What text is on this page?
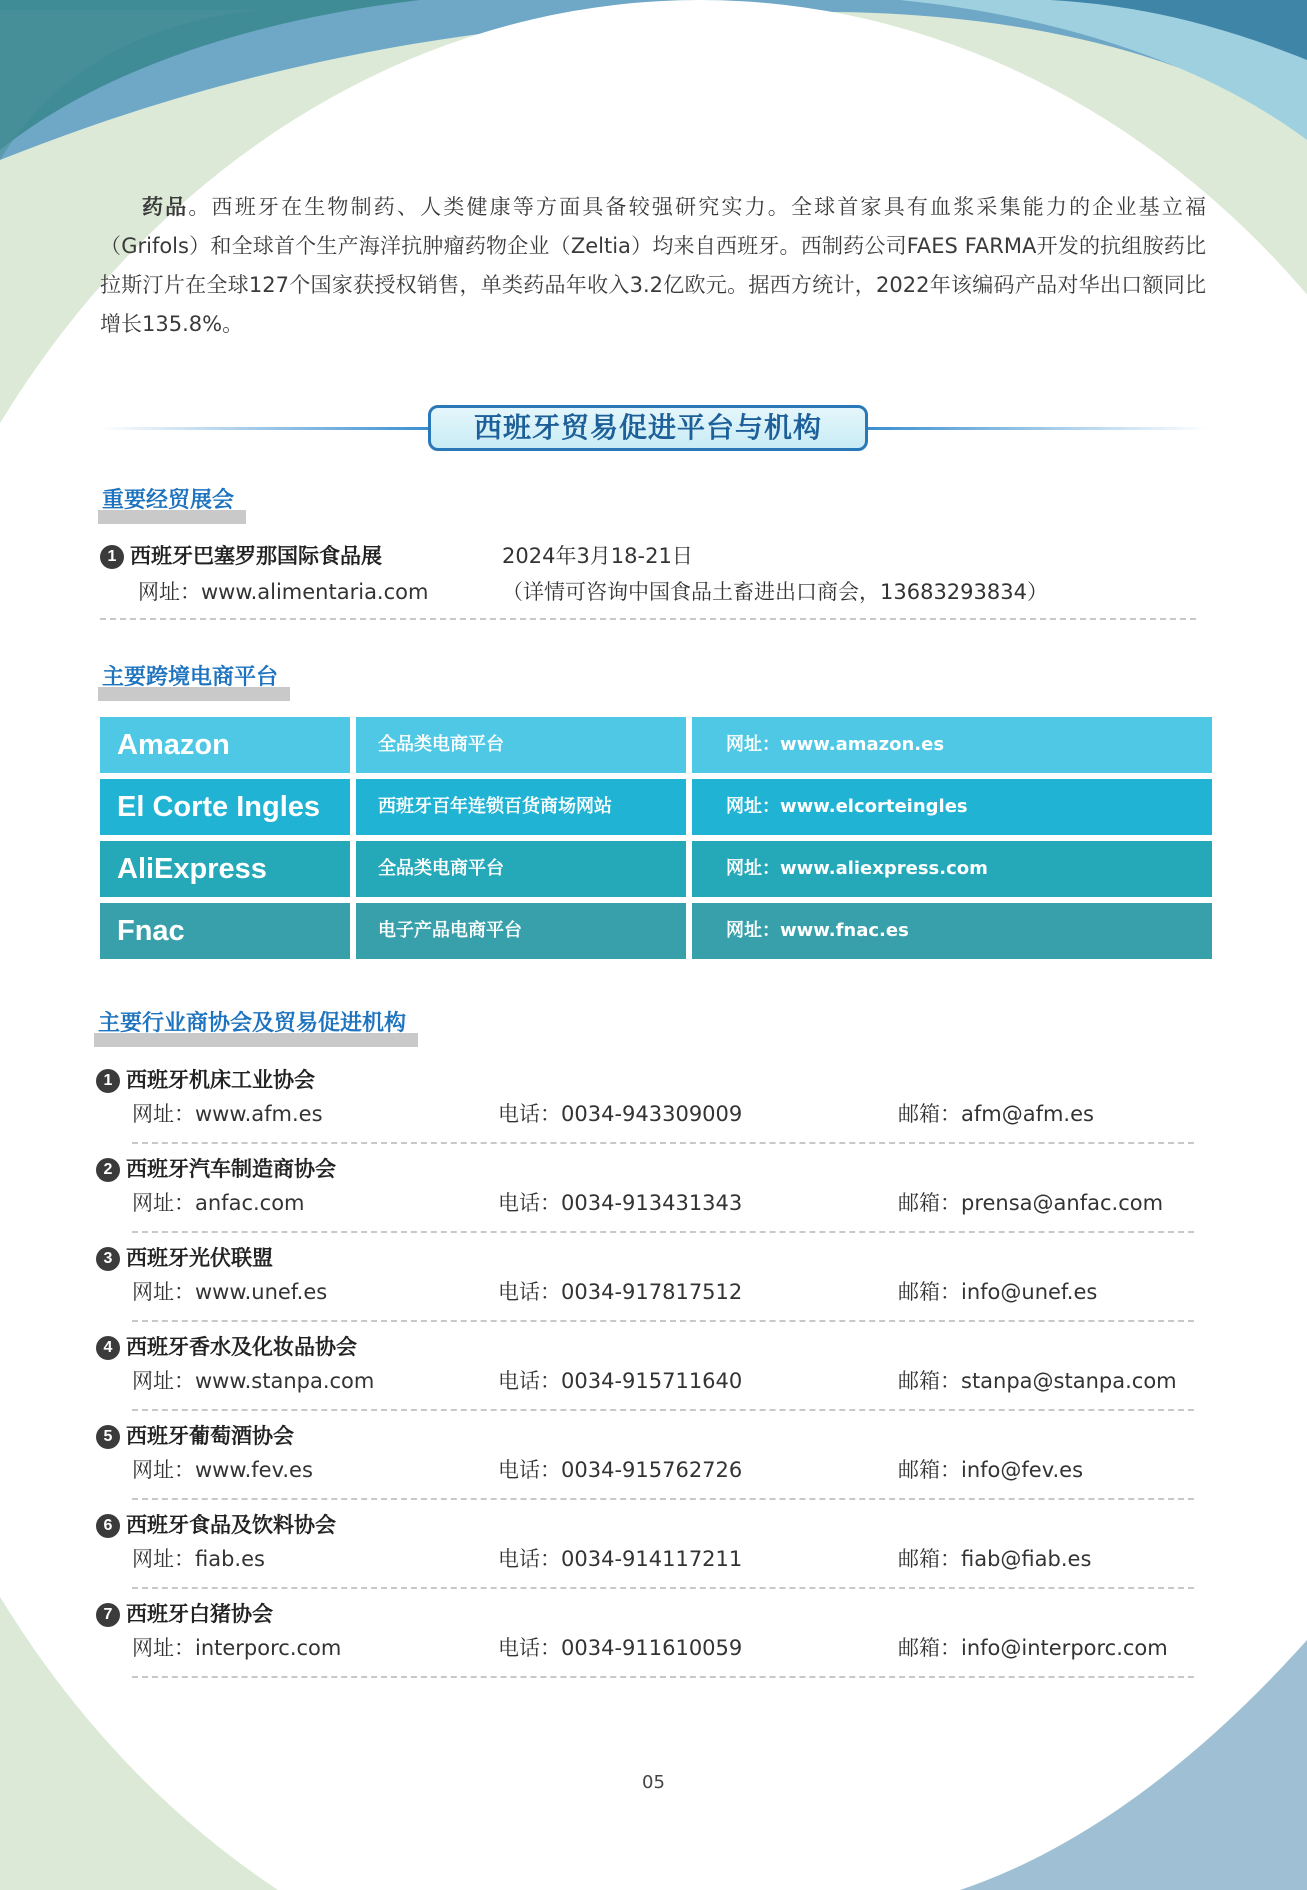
药品。西班牙在生物制药、人类健康等方面具备较强研究实力。全球首家具有血浆采集能力的企业基立福（Grifols）和全球首个生产海洋抗肿瘤药物企业（Zeltia）均来自西班牙。西制药公司FAES FARMA开发的抗组胺药比拉斯汀片在全球127个国家获授权销售，单类药品年收入3.2亿欧元。据西方统计，2022年该编码产品对华出口额同比增长135.8%。

西班牙贸易促进平台与机构
重要经贸展会
1 西班牙巴塞罗那国际食品展	2024年3月18-21日
网址：www.alimentaria.com	（详情可咨询中国食品土畜进出口商会，13683293834）
主要跨境电商平台
Amazon	全品类电商平台	网址：www.amazon.es
El Corte Ingles	西班牙百年连锁百货商场网站	网址：www.elcorteingles
AliExpress	全品类电商平台	网址：www.aliexpress.com
Fnac	电子产品电商平台	网址：www.fnac.es
主要行业商协会及贸易促进机构
1 西班牙机床工业协会
网址：www.afm.es	电话：0034-943309009	邮箱：afm@afm.es
2 西班牙汽车制造商协会
网址：anfac.com	电话：0034-913431343	邮箱：prensa@anfac.com
3 西班牙光伏联盟
网址：www.unef.es	电话：0034-917817512	邮箱：info@unef.es
4 西班牙香水及化妆品协会
网址：www.stanpa.com	电话：0034-915711640	邮箱：stanpa@stanpa.com
5 西班牙葡萄酒协会
网址：www.fev.es	电话：0034-915762726	邮箱：info@fev.es
6 西班牙食品及饮料协会
网址：fiab.es	电话：0034-914117211	邮箱：fiab@fiab.es
7 西班牙白猪协会
网址：interporc.com	电话：0034-911610059	邮箱：info@interporc.com
05
